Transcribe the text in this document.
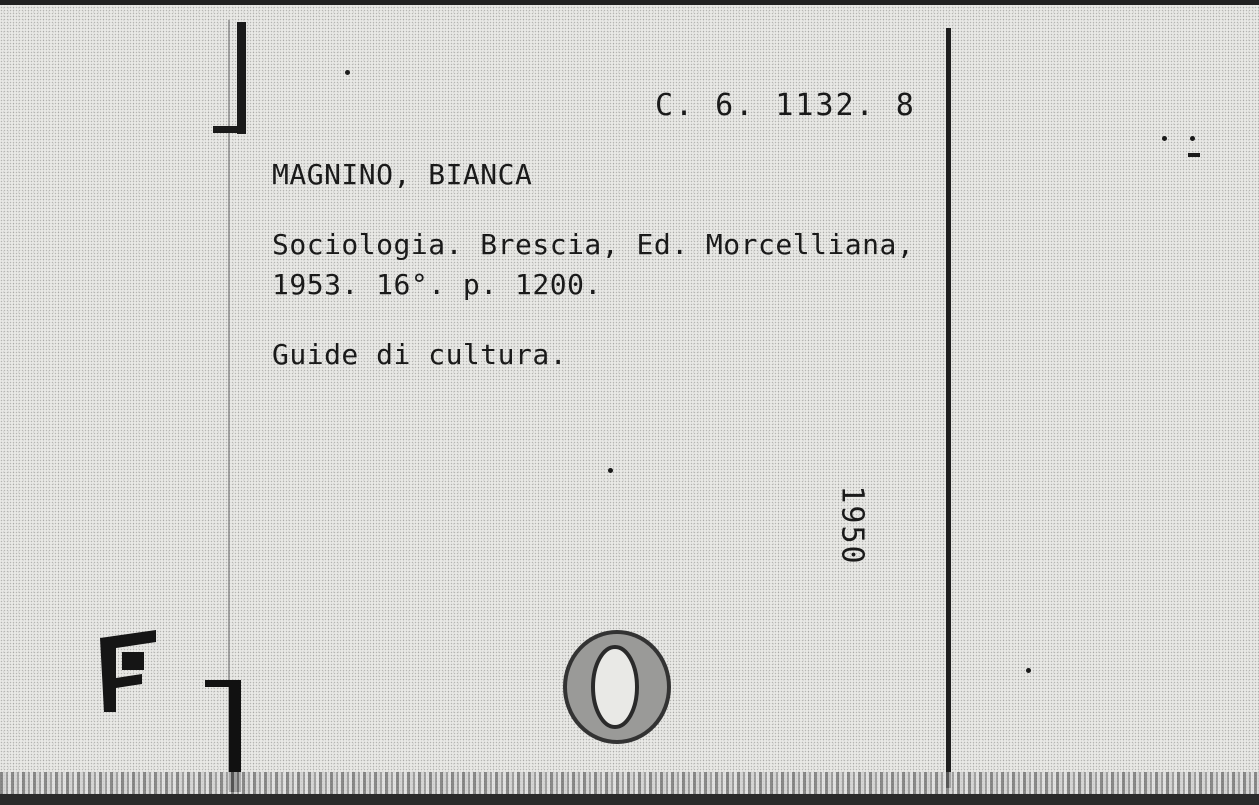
C. 6. 1132. 8
MAGNINO, BIANCA
Sociologia. Brescia, Ed. Morcelliana,
1953. 16°. p. 1200.
Guide di cultura.
1950
